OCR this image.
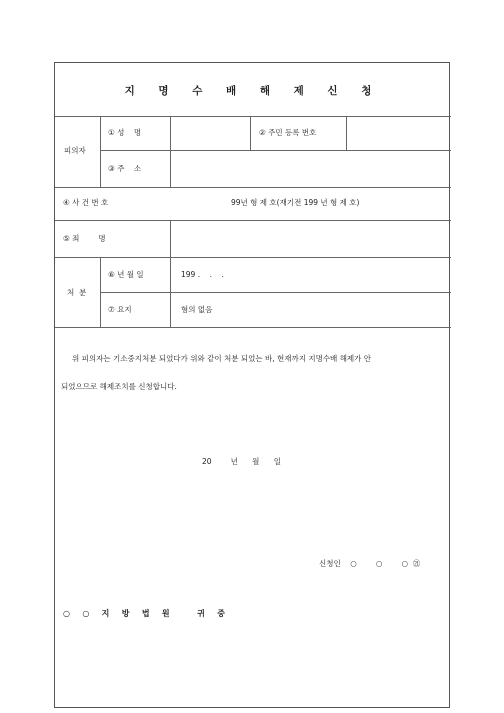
지 명 수 배 해 제 신 청
피의자
① 성    명	② 주민 등록 번호
③ 주    소
④ 사 건 번 호	99년 형 제 호(재기전 199 년 형 제 호)
⑤ 죄        명
처  분
⑥ 년 월 일	199 .    .    .
⑦ 요지	혐의 없음
위 피의자는 기소중지처분 되었다가 위와 같이 처분 되었는 바, 현재까지 지명수배 해제가 안
되었으므로 해제조치를 신청합니다.
20        년      월      일
신청인    ○        ○        ○  ㉑
○   ○   지   방   법   원       귀   중
